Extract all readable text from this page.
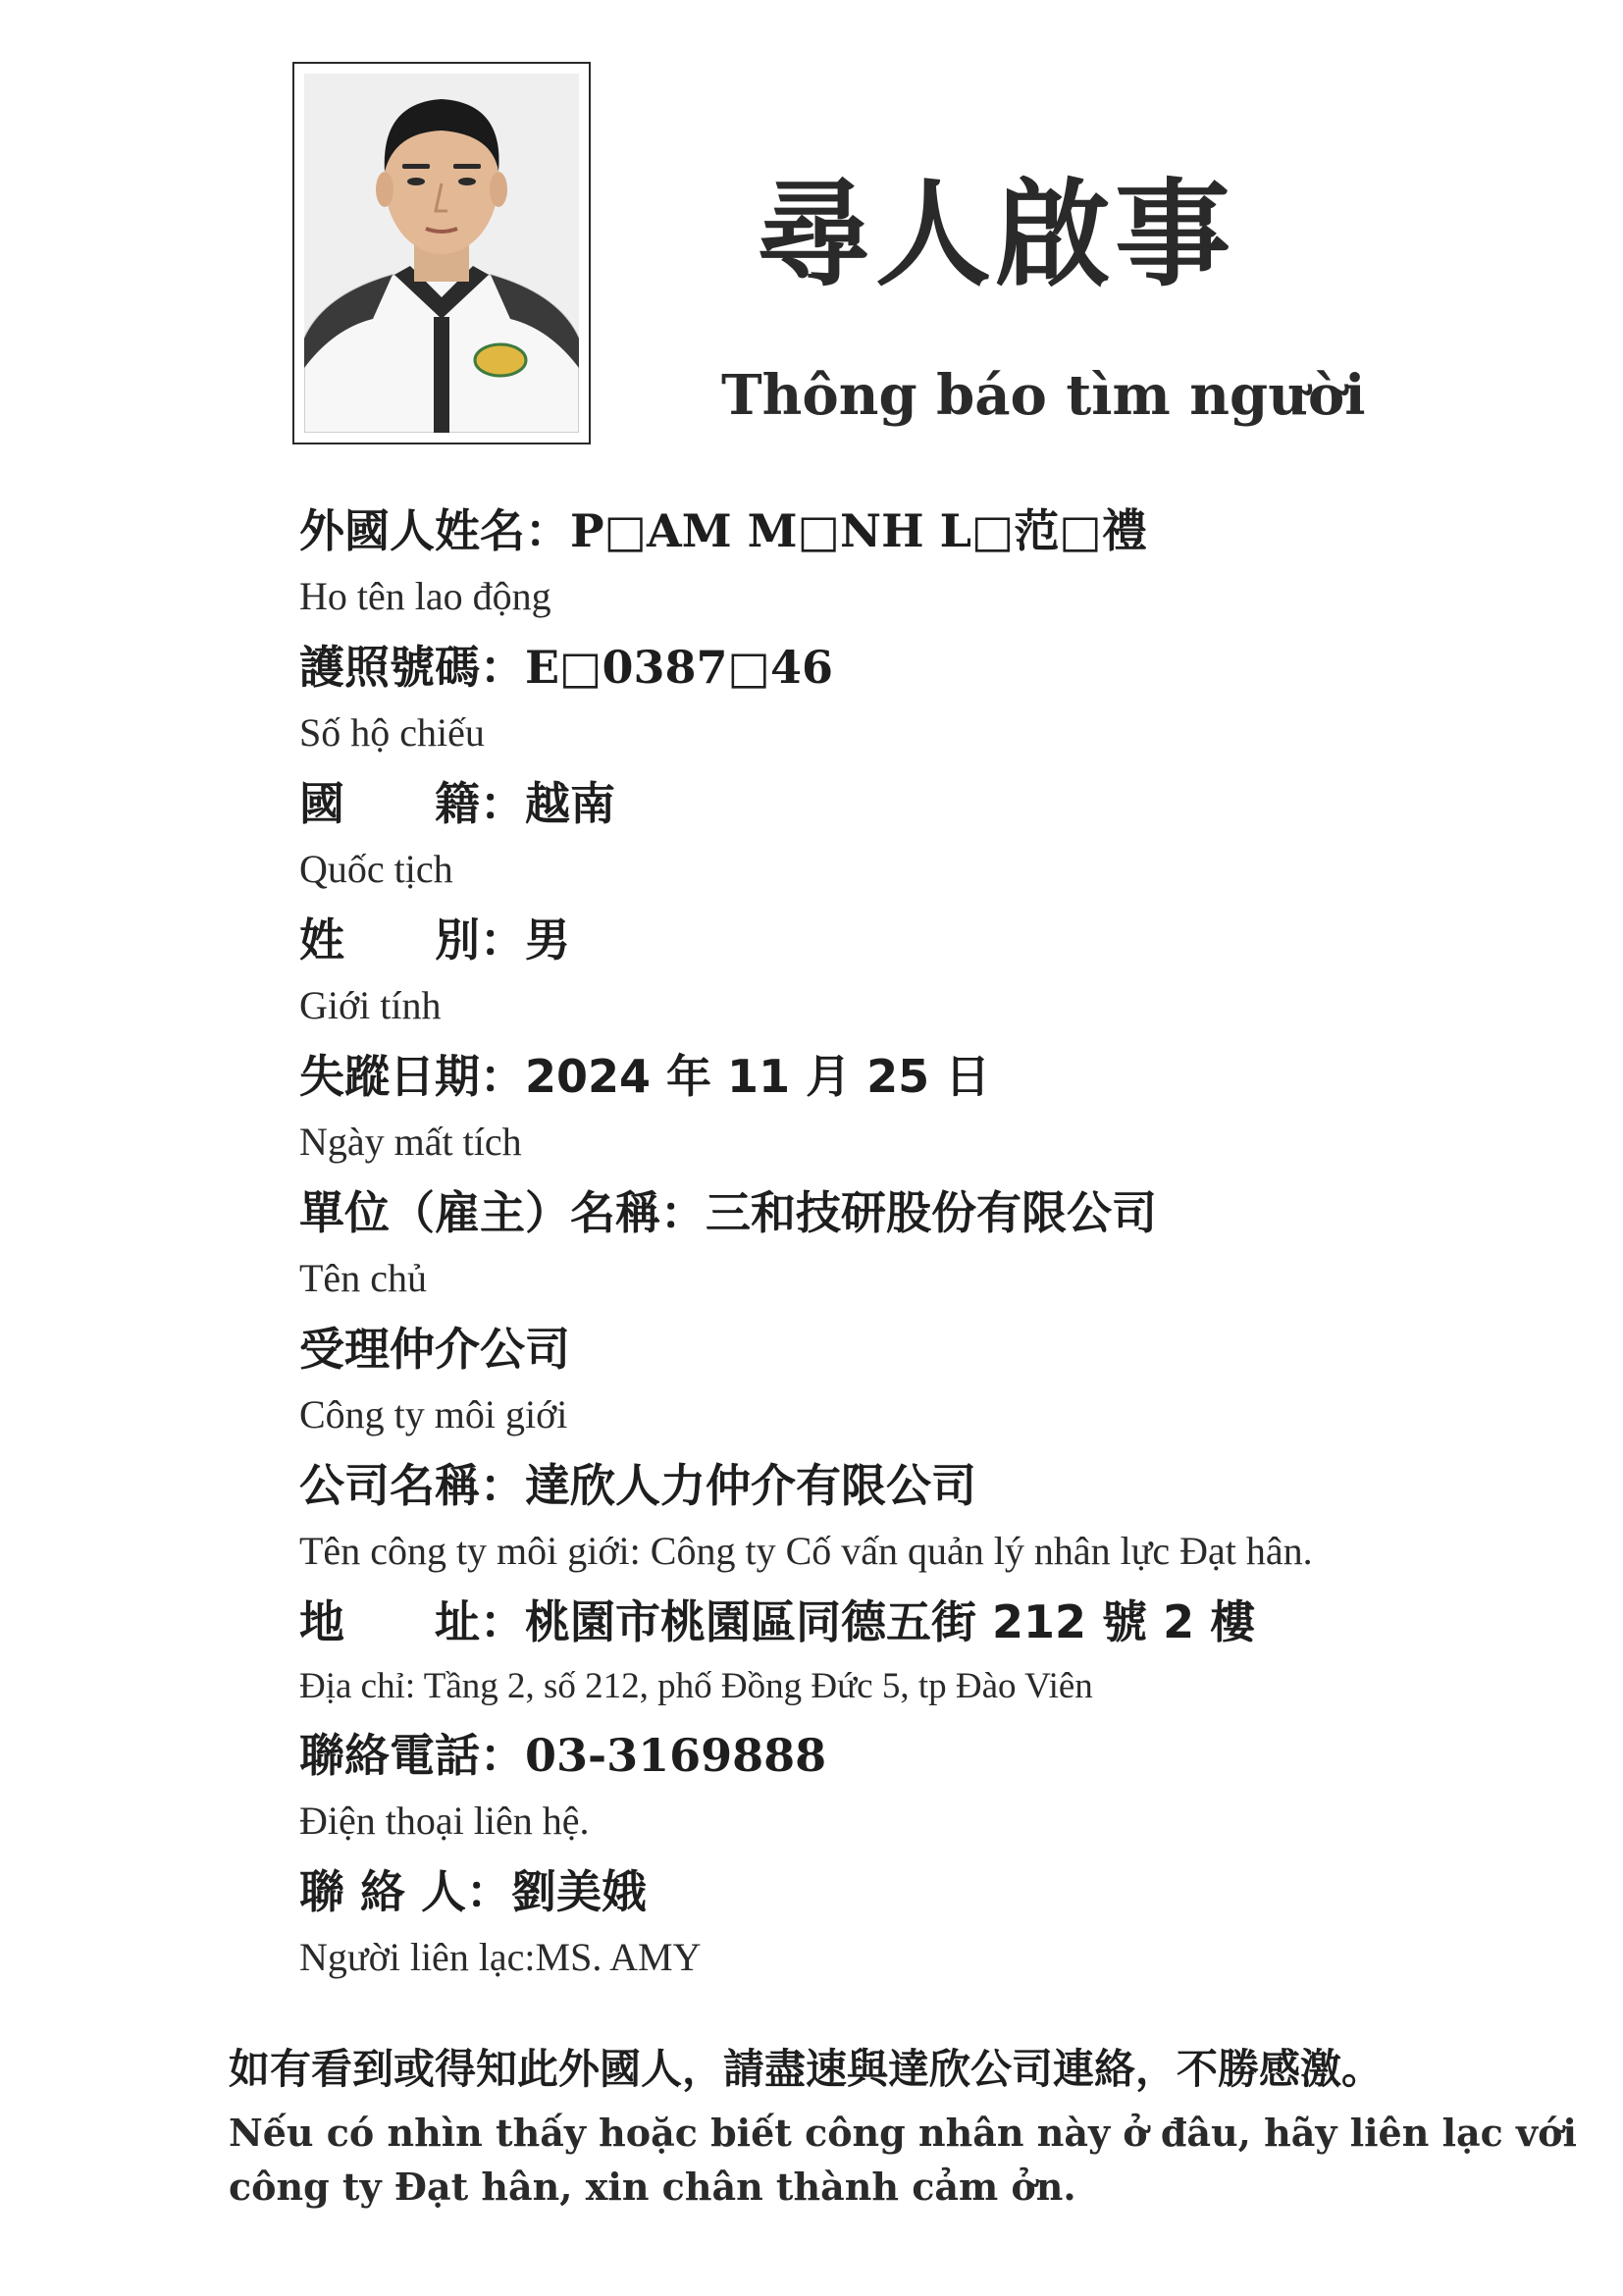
尋人啟事
Thông báo tìm người
外國人姓名：P□AM M□NH L□范□禮
Ho tên lao động
護照號碼：E□0387□46
Số hộ chiếu
國　　籍：越南
Quốc tịch
姓　　別：男
Giới tính
失蹤日期：2024 年 11 月 25 日
Ngày mất tích
單位（雇主）名稱：三和技研股份有限公司
Tên chủ
受理仲介公司
Công ty môi giới
公司名稱：達欣人力仲介有限公司
Tên công ty môi giới: Công ty Cố vấn quản lý nhân lực Đạt hân.
地　　址：桃園市桃園區同德五街 212 號 2 樓
Địa chỉ: Tầng 2, số 212, phố Đồng Đức 5, tp Đào Viên
聯絡電話：03-3169888
Điện thoại liên hệ.
聯 絡 人：劉美娥
Người liên lạc:MS. AMY
如有看到或得知此外國人，請盡速與達欣公司連絡，不勝感激。
Nếu có nhìn thấy hoặc biết công nhân này ở đâu, hãy liên lạc với
công ty Đạt hân, xin chân thành cảm ởn.
